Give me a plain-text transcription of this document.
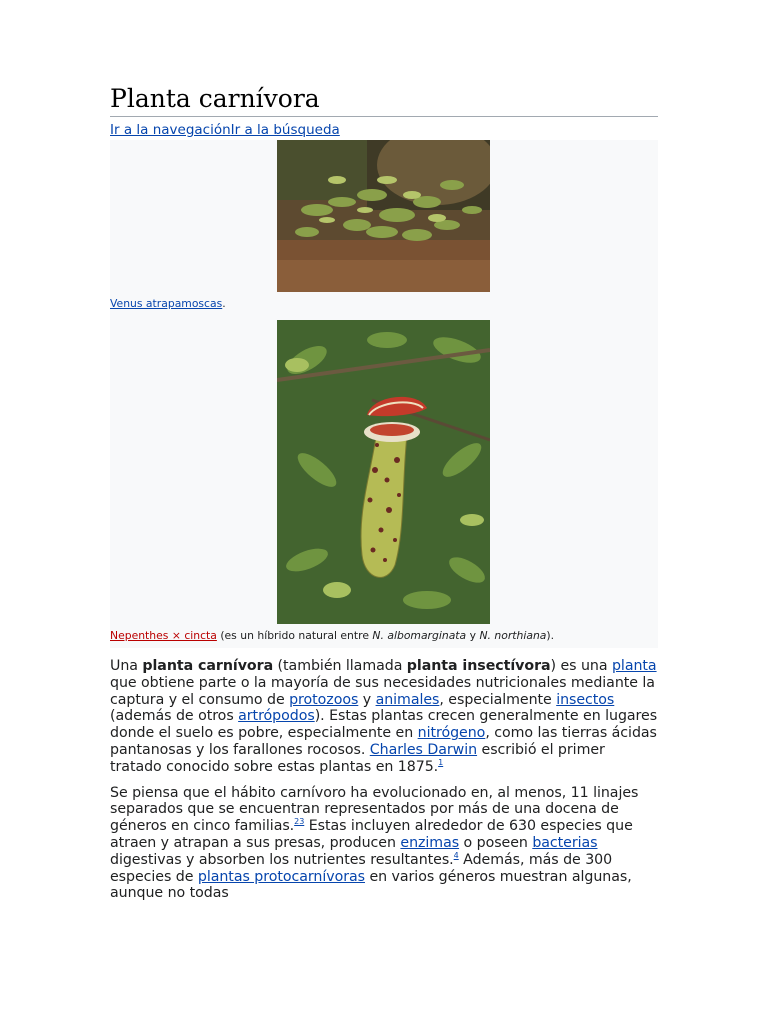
Planta carnívora
Ir a la navegaciónIr a la búsqueda
Venus atrapamoscas.
Nepenthes × cincta (es un híbrido natural entre N. albomarginata y N. northiana).

Una planta carnívora (también llamada planta insectívora) es una planta que obtiene parte o la mayoría de sus necesidades nutricionales mediante la captura y el consumo de protozoos y animales, especialmente insectos (además de otros artrópodos). Estas plantas crecen generalmente en lugares donde el suelo es pobre, especialmente en nitrógeno, como las tierras ácidas pantanosas y los farallones rocosos. Charles Darwin escribió el primer tratado conocido sobre estas plantas en 1875.$^1$

Se piensa que el hábito carnívoro ha evolucionado en, al menos, 11 linajes separados que se encuentran representados por más de una docena de géneros en cinco familias.$^{23}$ Estas incluyen alrededor de 630 especies que atraen y atrapan a sus presas, producen enzimas o poseen bacterias digestivas y absorben los nutrientes resultantes.$^4$ Además, más de 300 especies de plantas protocarnívoras en varios géneros muestran algunas, aunque no todas
